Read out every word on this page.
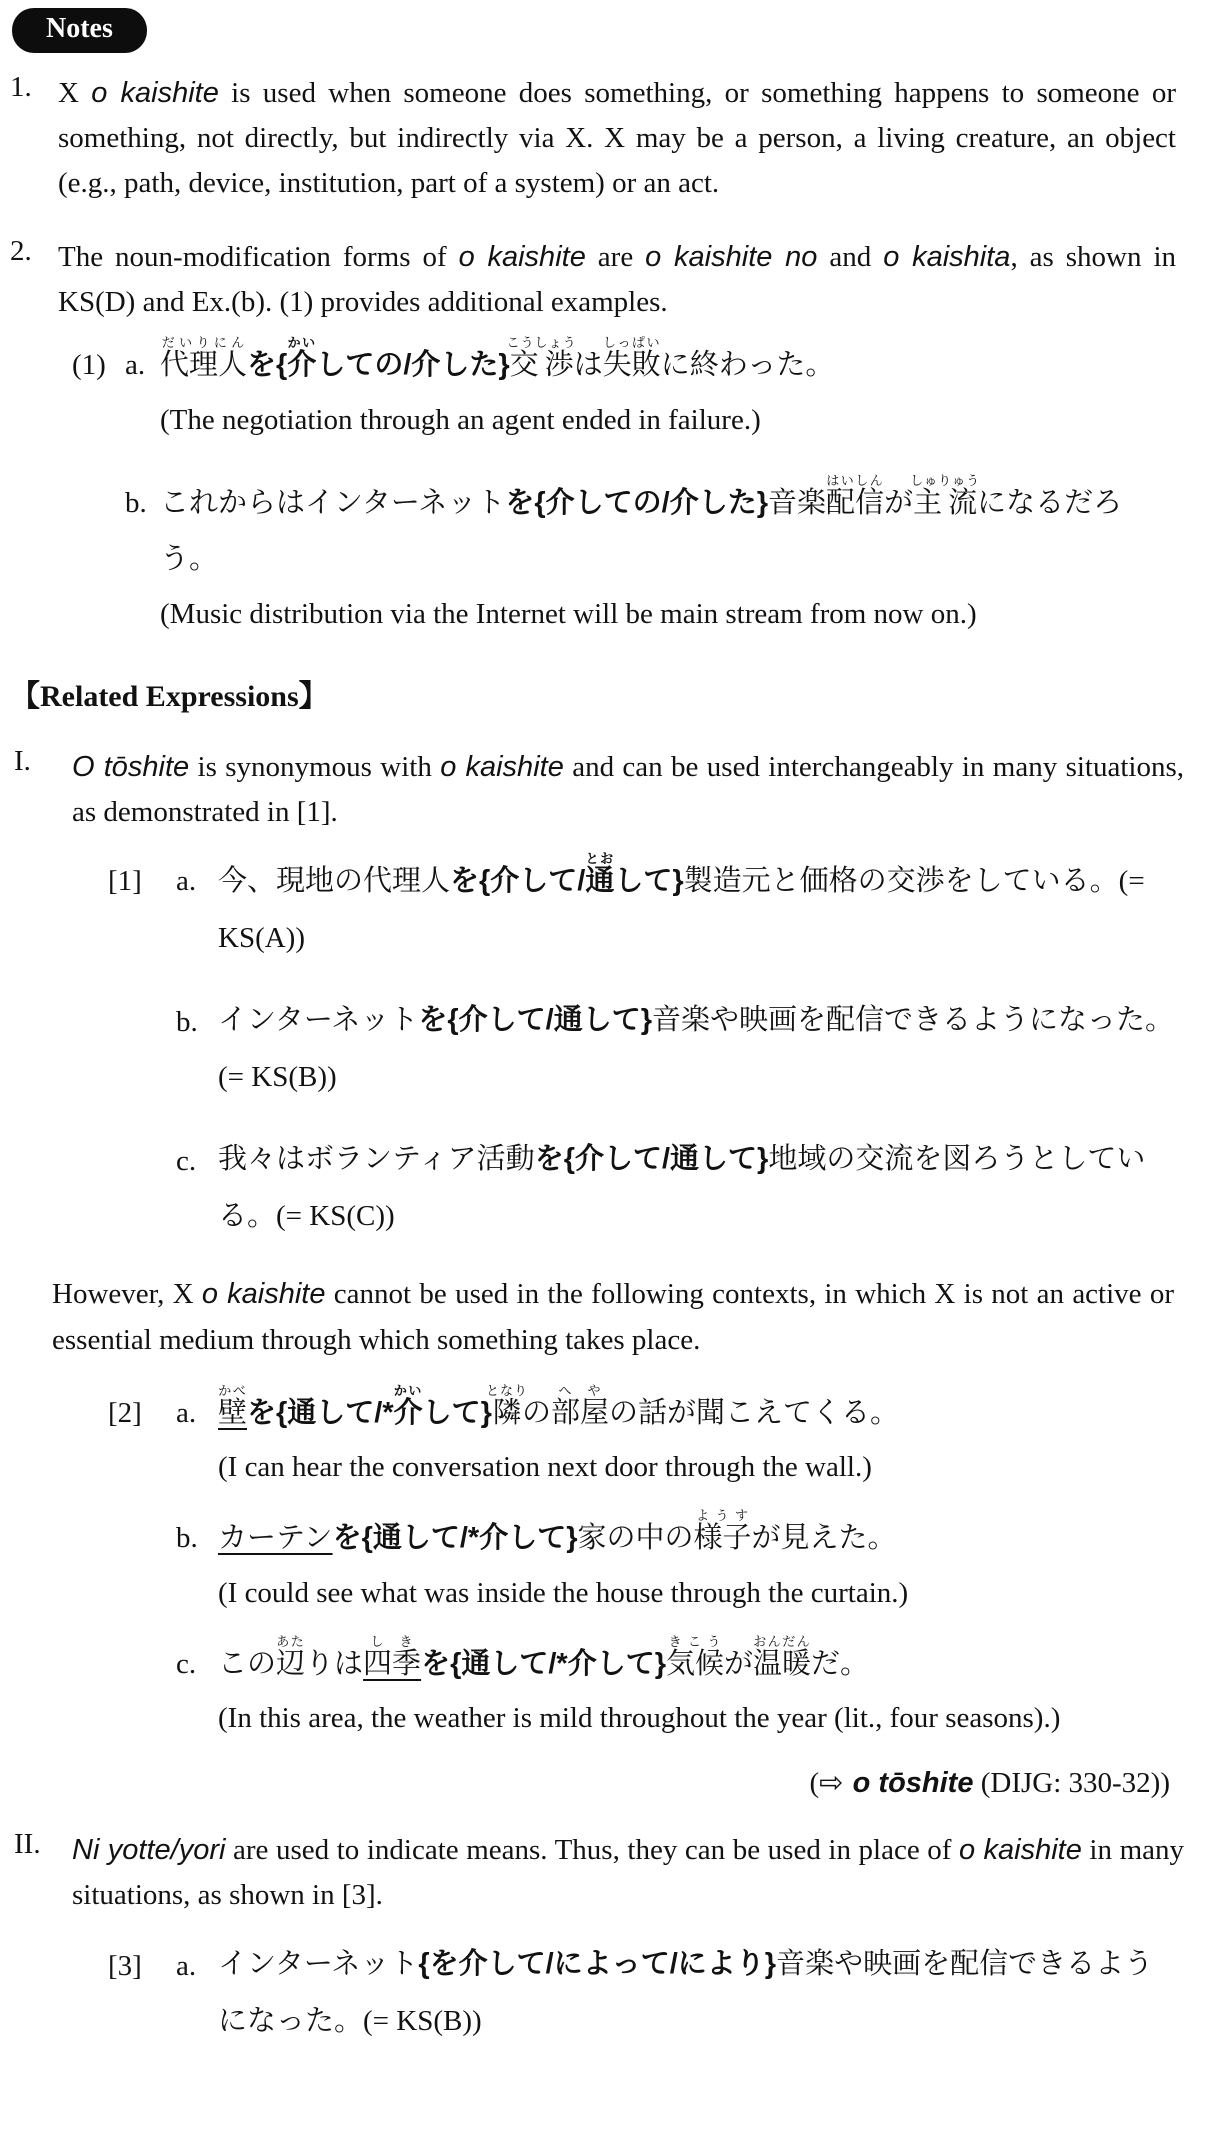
Notes
1. X o kaishite is used when someone does something, or something happens to someone or something, not directly, but indirectly via X. X may be a person, a living creature, an object (e.g., path, device, institution, part of a system) or an act.
2. The noun-modification forms of o kaishite are o kaishite no and o kaishita, as shown in KS(D) and Ex.(b). (1) provides additional examples.
(1) a. 代理人だいりにんを{介かいしての/介した}交渉こうしょうは失敗しっぱいに終わった。
(The negotiation through an agent ended in failure.)
b. これからはインターネットを{介しての/介した}音楽配信はいしんが主流しゅりゅうになるだろう。
(Music distribution via the Internet will be main stream from now on.)
【Related Expressions】
I. O tōshite is synonymous with o kaishite and can be used interchangeably in many situations, as demonstrated in [1].
[1] a. 今、現地の代理人を{介して/通とおして}製造元と価格の交渉をしている。(= KS(A))
b. インターネットを{介して/通して}音楽や映画を配信できるようになった。(= KS(B))
c. 我々はボランティア活動を{介して/通して}地域の交流を図ろうとしている。(= KS(C))
However, X o kaishite cannot be used in the following contexts, in which X is not an active or essential medium through which something takes place.
[2] a. 壁かべを{通して/*介かいして}隣となりの部屋へやの話が聞こえてくる。
(I can hear the conversation next door through the wall.)
b. カーテンを{通して/*介して}家の中の様子ようすが見えた。
(I could see what was inside the house through the curtain.)
c. この辺あたりは四季しきを{通して/*介して}気候きこうが温暖おんだんだ。
(In this area, the weather is mild throughout the year (lit., four seasons).)
(⇨ o tōshite (DIJG: 330-32))
II. Ni yotte/yori are used to indicate means. Thus, they can be used in place of o kaishite in many situations, as shown in [3].
[3] a. インターネット{を介して/によって/により}音楽や映画を配信できるようになった。(= KS(B))
